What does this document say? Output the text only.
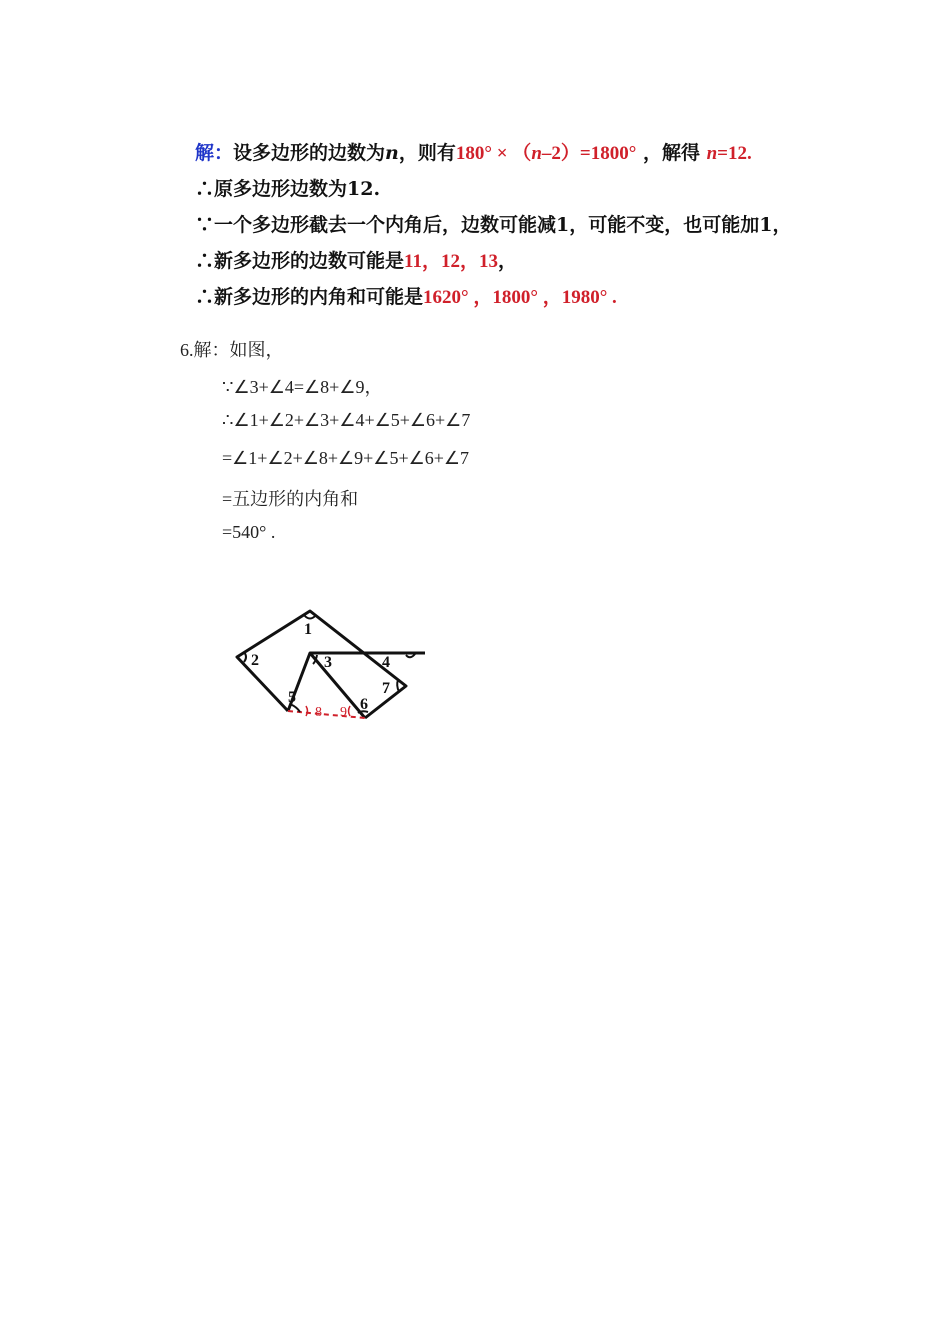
解：设多边形的边数为n，则有180° × （n–2）=1800° ，解得 n=12.
∴原多边形边数为12.
∵一个多边形截去一个内角后，边数可能减1，可能不变，也可能加1，
∴新多边形的边数可能是11，12，13，
∴新多边形的内角和可能是1620° ，1800° ，1980° .
6.解：如图，
∵∠3+∠4=∠8+∠9，
∴∠1+∠2+∠3+∠4+∠5+∠6+∠7
=∠1+∠2+∠8+∠9+∠5+∠6+∠7
=五边形的内角和
=540° .
1
2	3	4
5	6
7
8 9
